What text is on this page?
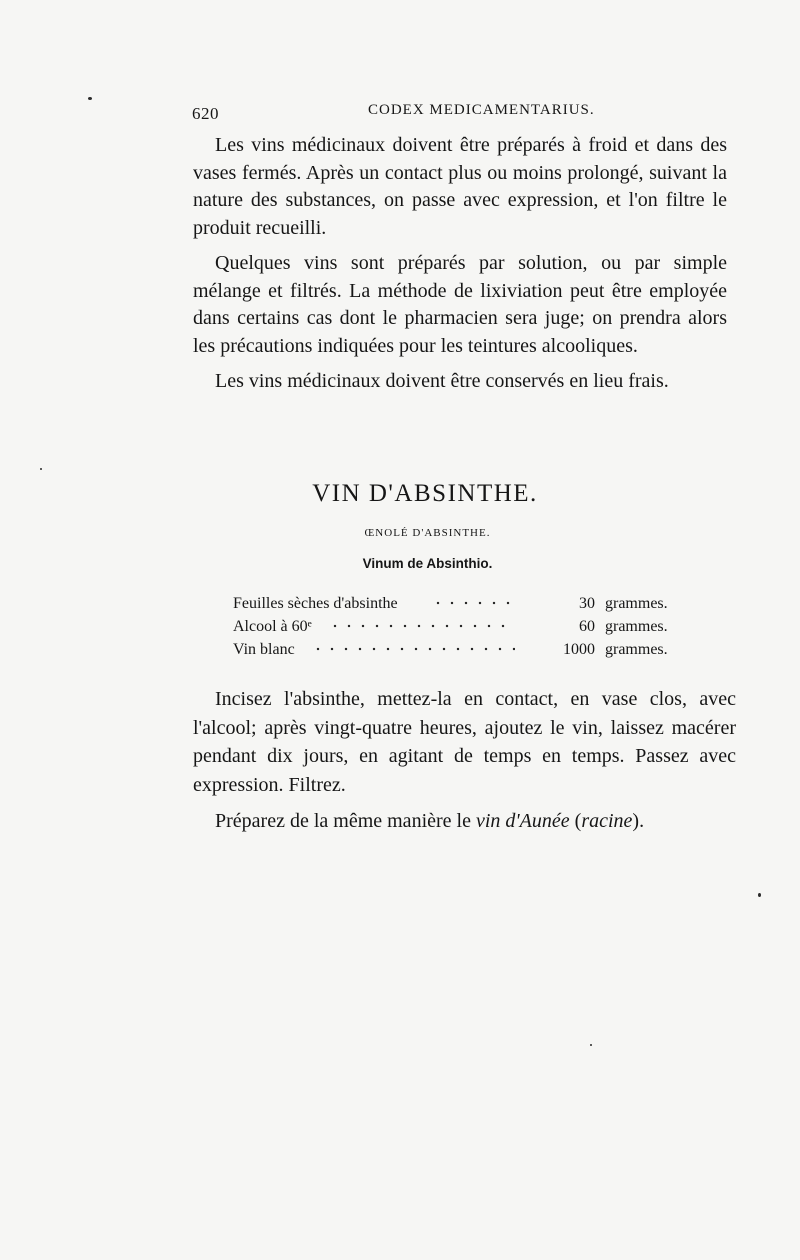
620	CODEX MEDICAMENTARIUS.

Les vins médicinaux doivent être préparés à froid et dans des vases fermés. Après un contact plus ou moins prolongé, suivant la nature des substances, on passe avec expression, et l'on filtre le produit recueilli.

Quelques vins sont préparés par solution, ou par simple mélange et filtrés. La méthode de lixiviation peut être employée dans certains cas dont le pharmacien sera juge; on prendra alors les précautions indiquées pour les teintures alcooliques.

Les vins médicinaux doivent être conservés en lieu frais.

VIN D'ABSINTHE.
ŒNOLÉ D'ABSINTHE.
Vinum de Absinthio.
Feuilles sèches d'absinthe	30 grammes.
Alcool à 60ᵉ	60 grammes.
Vin blanc	1000 grammes.

Incisez l'absinthe, mettez-la en contact, en vase clos, avec l'alcool; après vingt-quatre heures, ajoutez le vin, laissez macérer pendant dix jours, en agitant de temps en temps. Passez avec expression. Filtrez.

Préparez de la même manière le vin d'Aunée (racine).
